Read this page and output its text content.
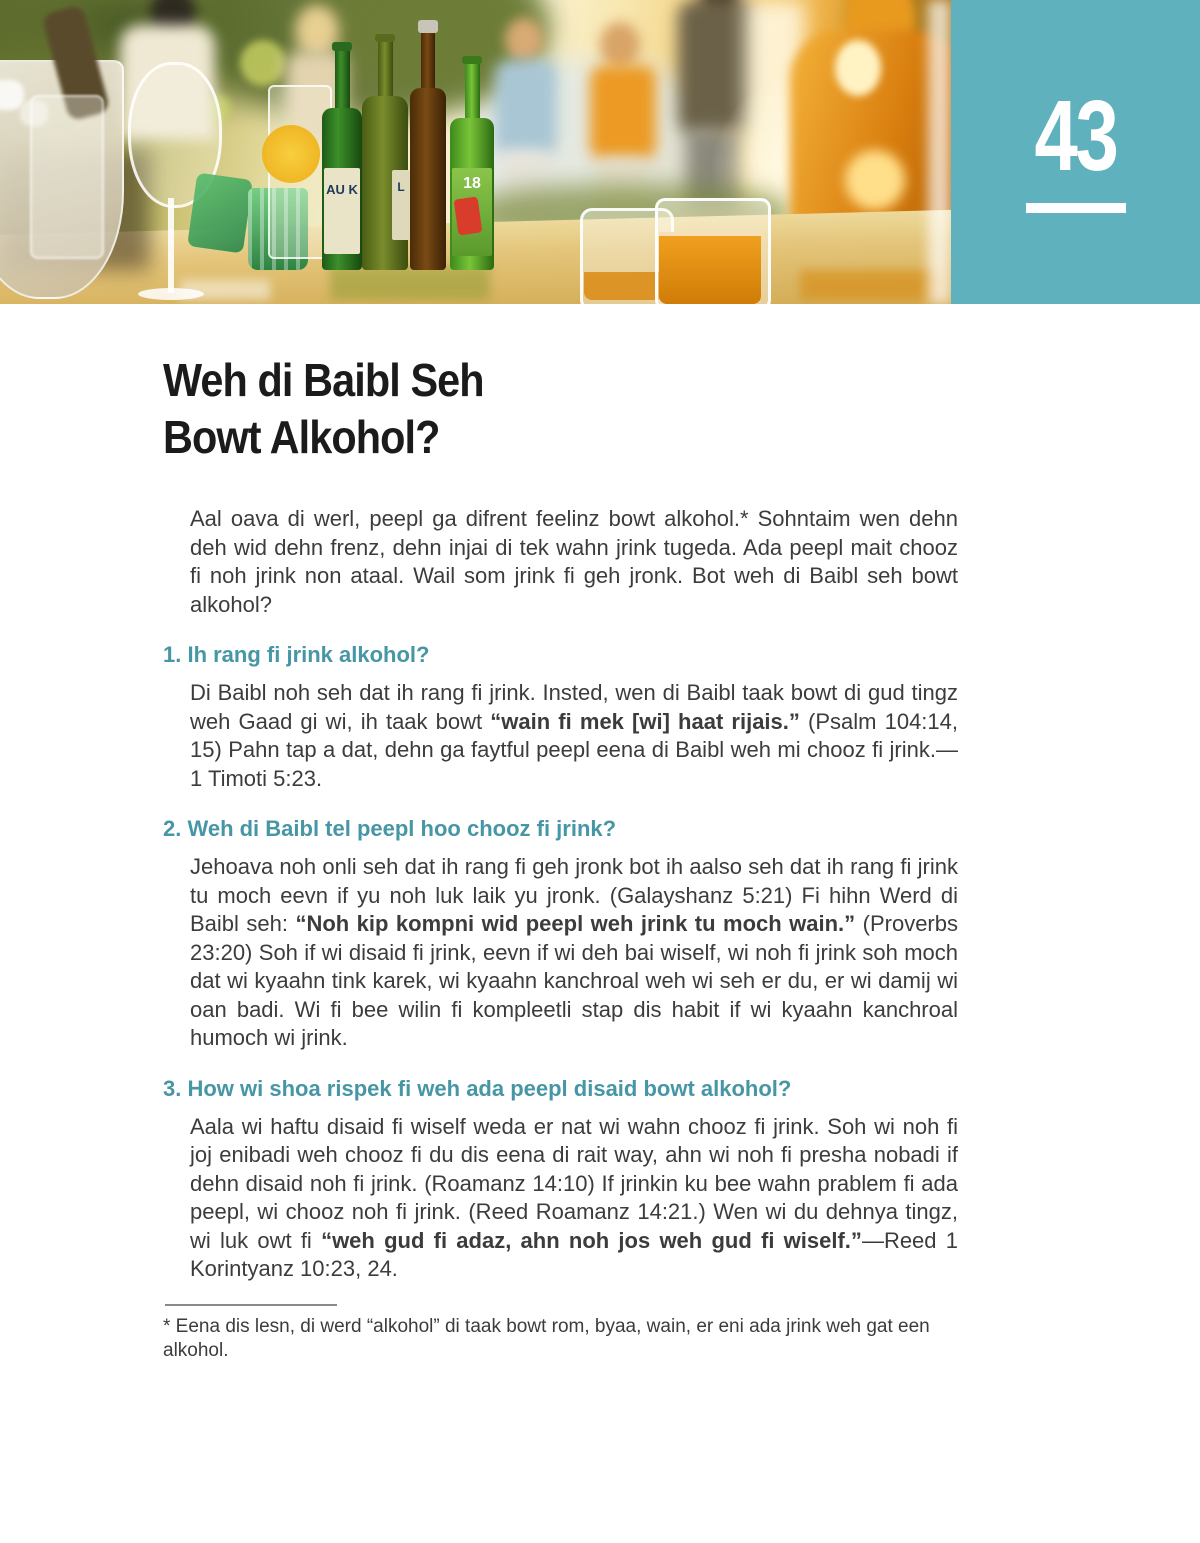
AU K	L	18	43
Weh di Baibl Seh
Bowt Alkohol?

Aal oava di werl, peepl ga difrent feelinz bowt alkohol.* Sohntaim wen dehn deh wid dehn frenz, dehn injai di tek wahn jrink tugeda. Ada peepl mait chooz fi noh jrink non ataal. Wail som jrink fi geh jronk. Bot weh di Baibl seh bowt alkohol?

1. Ih rang fi jrink alkohol?

Di Baibl noh seh dat ih rang fi jrink. Insted, wen di Baibl taak bowt di gud tingz weh Gaad gi wi, ih taak bowt “wain fi mek [wi] haat rijais.” (Psalm 104:14, 15) Pahn tap a dat, dehn ga faytful peepl eena di Baibl weh mi chooz fi jrink.—1 Timoti 5:23.

2. Weh di Baibl tel peepl hoo chooz fi jrink?

Jehoava noh onli seh dat ih rang fi geh jronk bot ih aalso seh dat ih rang fi jrink tu moch eevn if yu noh luk laik yu jronk. (Galayshanz 5:21) Fi hihn Werd di Baibl seh: “Noh kip kompni wid peepl weh jrink tu moch wain.” (Proverbs 23:20) Soh if wi disaid fi jrink, eevn if wi deh bai wiself, wi noh fi jrink soh moch dat wi kyaahn tink karek, wi kyaahn kanchroal weh wi seh er du, er wi damij wi oan badi. Wi fi bee wilin fi kompleetli stap dis habit if wi kyaahn kanchroal humoch wi jrink.

3. How wi shoa rispek fi weh ada peepl disaid bowt alkohol?

Aala wi haftu disaid fi wiself weda er nat wi wahn chooz fi jrink. Soh wi noh fi joj enibadi weh chooz fi du dis eena di rait way, ahn wi noh fi presha nobadi if dehn disaid noh fi jrink. (Roamanz 14:10) If jrinkin ku bee wahn prablem fi ada peepl, wi chooz noh fi jrink. (Reed Roamanz 14:21.) Wen wi du dehnya tingz, wi luk owt fi “weh gud fi adaz, ahn noh jos weh gud fi wiself.”—Reed 1 Korintyanz 10:23, 24.

* Eena dis lesn, di werd “alkohol” di taak bowt rom, byaa, wain, er eni ada jrink weh gat een alkohol.
